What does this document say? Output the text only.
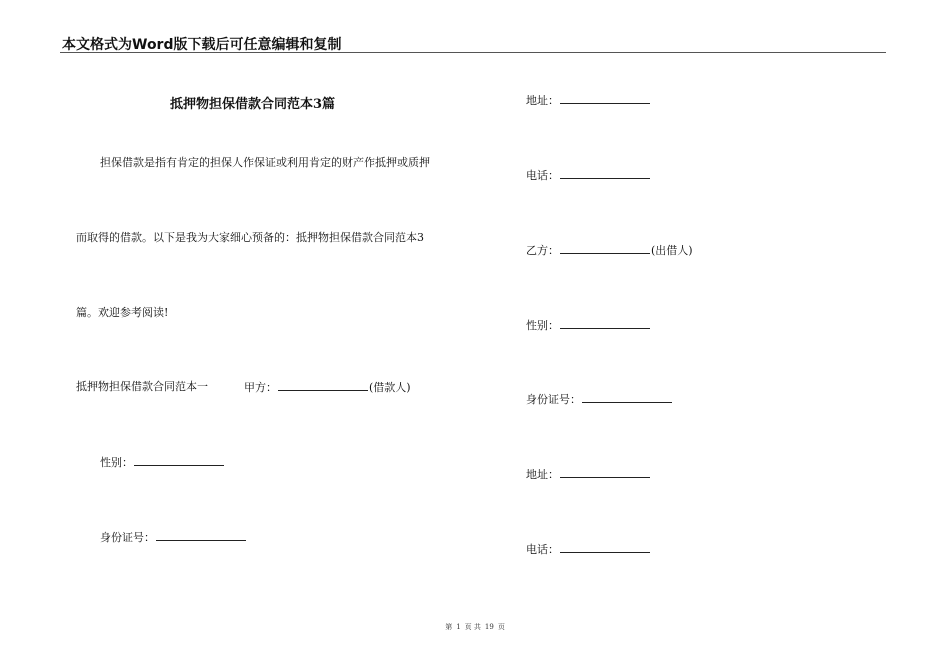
本文格式为Word版下载后可任意编辑和复制
抵押物担保借款合同范本3篇
担保借款是指有肯定的担保人作保证或利用肯定的财产作抵押或质押
而取得的借款。以下是我为大家细心预备的：抵押物担保借款合同范本3
篇。欢迎参考阅读!
抵押物担保借款合同范本一	甲方：	(借款人)
性别：
身份证号：
地址：
电话：
乙方：	(出借人)
性别：
身份证号：
地址：
电话：
第 1 页 共 19 页
